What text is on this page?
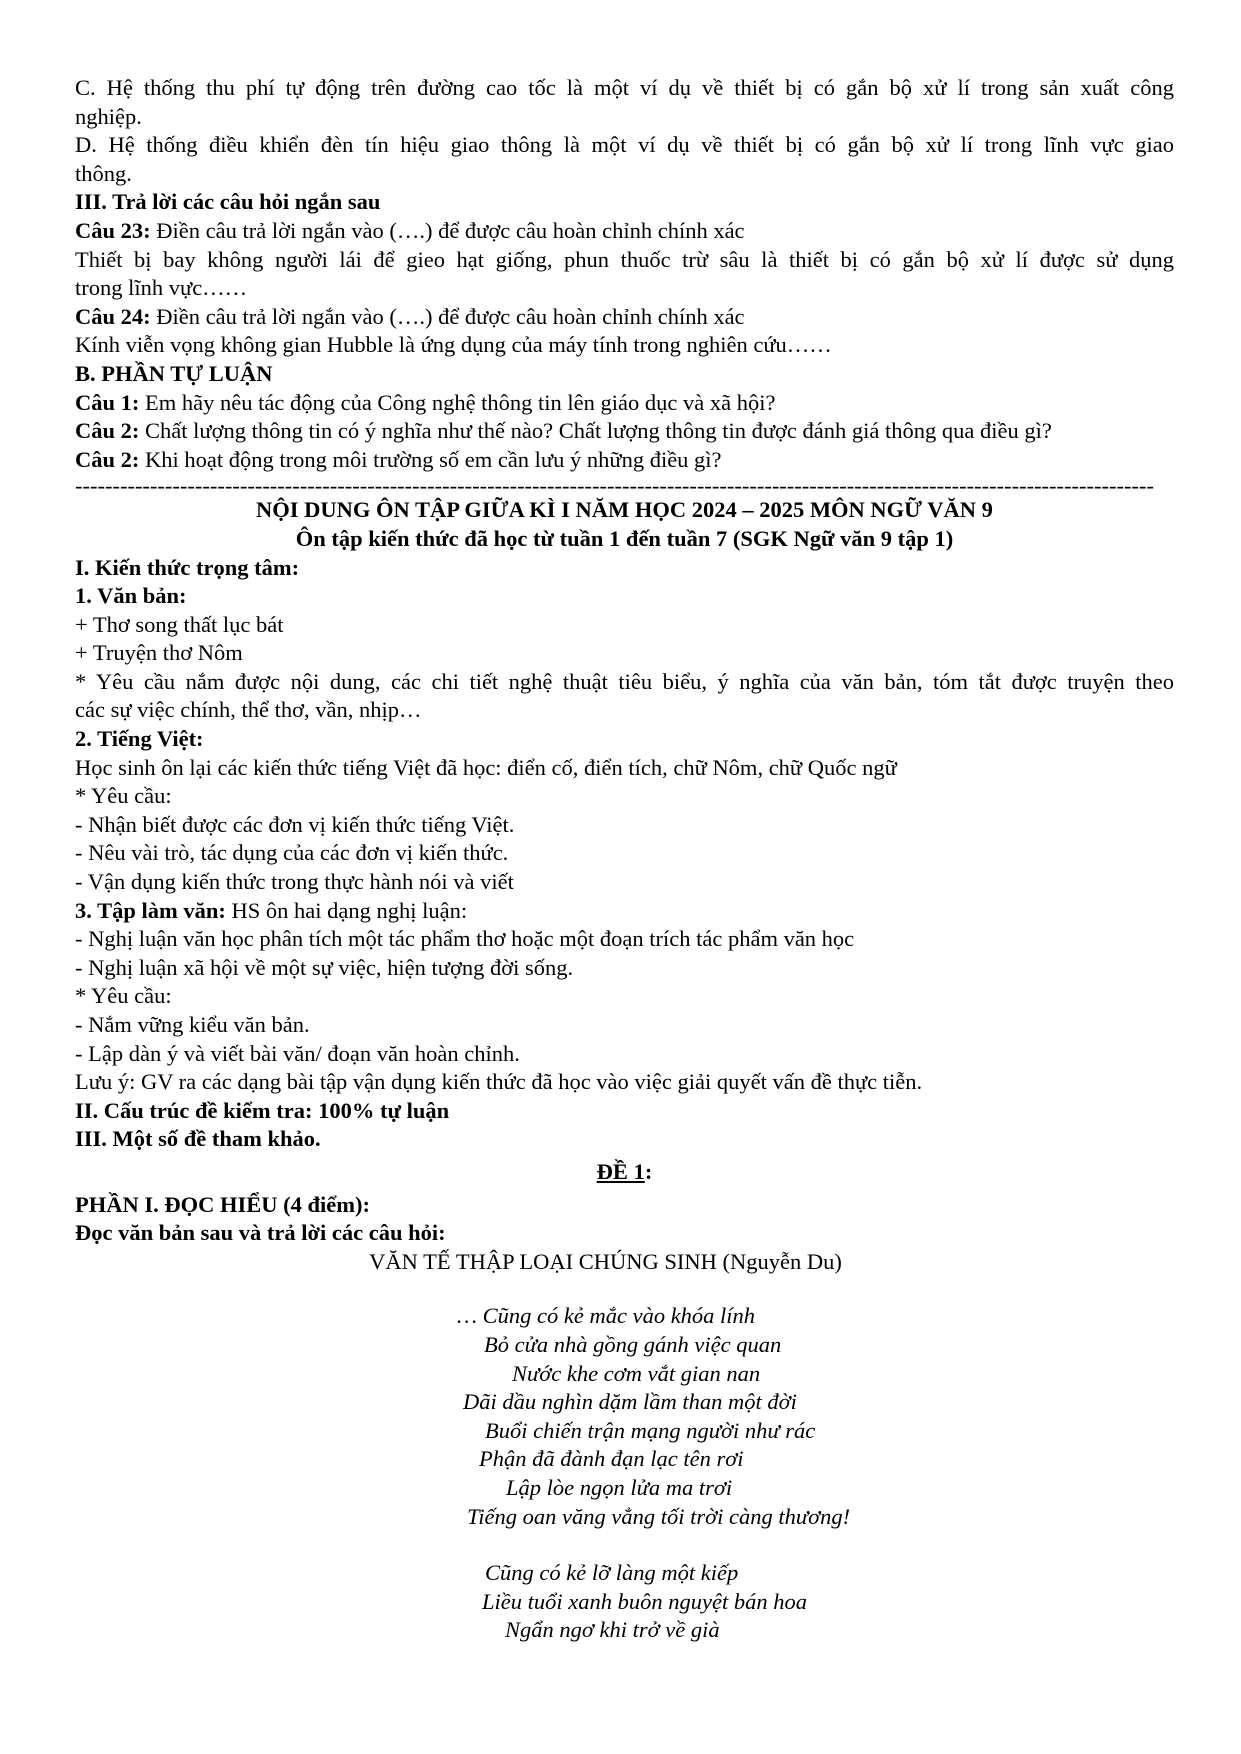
C. Hệ thống thu phí tự động trên đường cao tốc là một ví dụ về thiết bị có gắn bộ xử lí trong sản xuất công

nghiệp.

D. Hệ thống điều khiển đèn tín hiệu giao thông là một ví dụ về thiết bị có gắn bộ xử lí trong lĩnh vực giao

thông.

III. Trả lời các câu hỏi ngắn sau

Câu 23: Điền câu trả lời ngắn vào (….) để được câu hoàn chỉnh chính xác

Thiết bị bay không người lái để gieo hạt giống, phun thuốc trừ sâu là thiết bị có gắn bộ xử lí được sử dụng

trong lĩnh vực……

Câu 24: Điền câu trả lời ngắn vào (….) để được câu hoàn chỉnh chính xác

Kính viễn vọng không gian Hubble là ứng dụng của máy tính trong nghiên cứu……

B. PHẦN TỰ LUẬN

Câu 1: Em hãy nêu tác động của Công nghệ thông tin lên giáo dục và xã hội?

Câu 2: Chất lượng thông tin có ý nghĩa như thế nào? Chất lượng thông tin được đánh giá thông qua điều gì?

Câu 2: Khi hoạt động trong môi trường số em cần lưu ý những điều gì?

------------------------------------------------------------------------------------------------------------------------------------------------

NỘI DUNG ÔN TẬP GIỮA KÌ I NĂM HỌC 2024 – 2025 MÔN NGỮ VĂN 9

Ôn tập kiến thức đã học từ tuần 1 đến tuần 7 (SGK Ngữ văn 9 tập 1)

I. Kiến thức trọng tâm:

1. Văn bản:

+ Thơ song thất lục bát

+ Truyện thơ Nôm

* Yêu cầu nắm được nội dung, các chi tiết nghệ thuật tiêu biểu, ý nghĩa của văn bản, tóm tắt được truyện theo

các sự việc chính, thể thơ, vần, nhịp…

2. Tiếng Việt:

Học sinh ôn lại các kiến thức tiếng Việt đã học: điển cố, điển tích, chữ Nôm, chữ Quốc ngữ

* Yêu cầu:

- Nhận biết được các đơn vị kiến thức tiếng Việt.

- Nêu vài trò, tác dụng của các đơn vị kiến thức.

- Vận dụng kiến thức trong thực hành nói và viết

3. Tập làm văn: HS ôn hai dạng nghị luận:

- Nghị luận văn học phân tích một tác phẩm thơ hoặc một đoạn trích tác phẩm văn học

- Nghị luận xã hội về một sự việc, hiện tượng đời sống.

* Yêu cầu:

- Nắm vững kiểu văn bản.

- Lập dàn ý và viết bài văn/ đoạn văn hoàn chỉnh.

Lưu ý: GV ra các dạng bài tập vận dụng kiến thức đã học vào việc giải quyết vấn đề thực tiễn.

II. Cấu trúc đề kiểm tra: 100% tự luận

III. Một số đề tham khảo.

ĐỀ 1:

PHẦN I. ĐỌC HIỂU (4 điểm):

Đọc văn bản sau và trả lời các câu hỏi:

VĂN TẾ THẬP LOẠI CHÚNG SINH (Nguyễn Du)

… Cũng có kẻ mắc vào khóa lính

Bỏ cửa nhà gồng gánh việc quan

Nước khe cơm vắt gian nan

Dãi dầu nghìn dặm lầm than một đời

Buổi chiến trận mạng người như rác

Phận đã đành đạn lạc tên rơi

Lập lòe ngọn lửa ma trơi

Tiếng oan văng vẳng tối trời càng thương!

Cũng có kẻ lỡ làng một kiếp

Liều tuổi xanh buôn nguyệt bán hoa

Ngẩn ngơ khi trở về già
